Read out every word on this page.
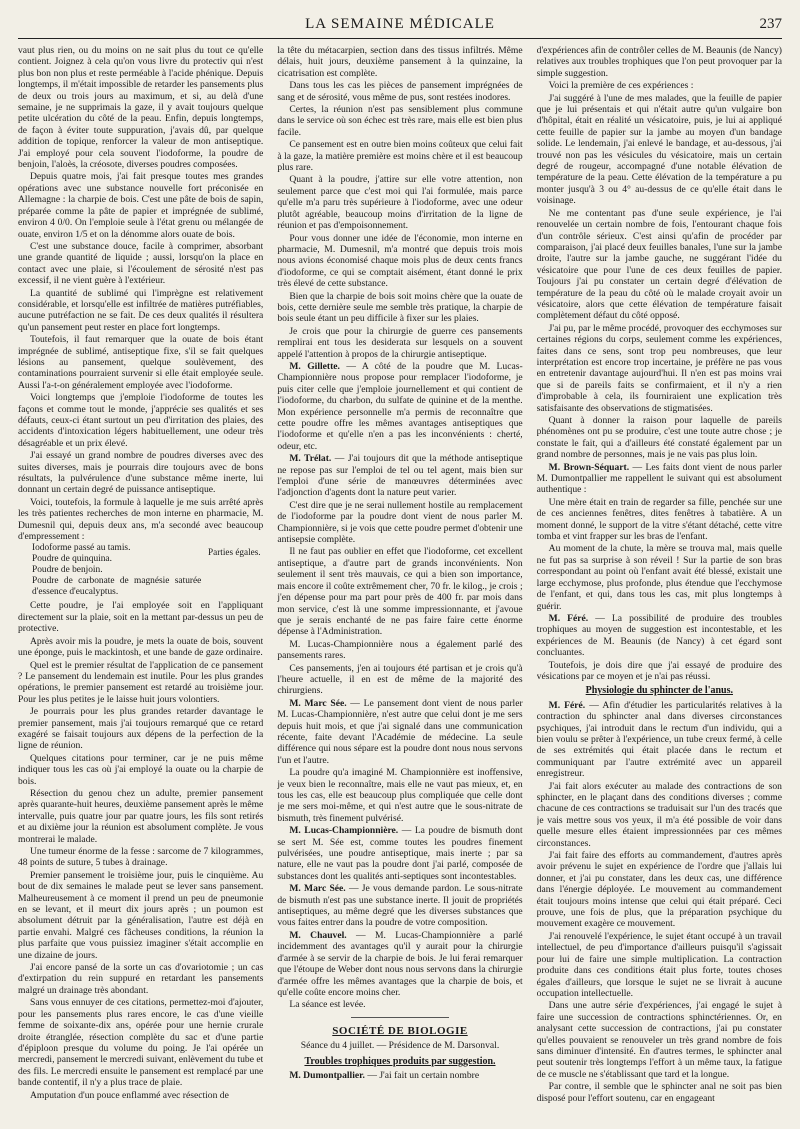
LA SEMAINE MÉDICALE	237

vaut plus rien, ou du moins on ne sait plus du tout ce qu'elle contient. Joignez à cela qu'on vous livre du protectiv qui n'est plus bon non plus et reste perméable à l'acide phénique. Depuis longtemps, il m'était impossible de retarder les pansements plus de deux ou trois jours au maximum, et si, au delà d'une semaine, je ne supprimais la gaze, il y avait toujours quelque petite ulcération du côté de la peau. Enfin, depuis longtemps, de façon à éviter toute suppuration, j'avais dû, par quelque addition de topique, renforcer la valeur de mon antiseptique. J'ai employé pour cela souvent l'iodoforme, la poudre de benjoin, l'aloès, la créosote, diverses poudres composées.

Depuis quatre mois, j'ai fait presque toutes mes grandes opérations avec une substance nouvelle fort préconisée en Allemagne : la charpie de bois. C'est une pâte de bois de sapin, préparée comme la pâte de papier et imprégnée de sublimé, environ 4 0/0. On l'emploie seule à l'état grenu ou mélangée de ouate, environ 1/5 et on la dénomme alors ouate de bois.

C'est une substance douce, facile à comprimer, absorbant une grande quantité de liquide ; aussi, lorsqu'on la place en contact avec une plaie, si l'écoulement de sérosité n'est pas excessif, il ne vient guère à l'extérieur.

La quantité de sublimé qui l'imprègne est relativement considérable, et lorsqu'elle est infiltrée de matières putréfiables, aucune putréfaction ne se fait. De ces deux qualités il résultera qu'un pansement peut rester en place fort longtemps.

Toutefois, il faut remarquer que la ouate de bois étant imprégnée de sublimé, antiseptique fixe, s'il se fait quelques lésions au pansement, quelque soulèvement, des contaminations pourraient survenir si elle était employée seule. Aussi l'a-t-on généralement employée avec l'iodoforme.

Voici longtemps que j'emploie l'iodoforme de toutes les façons et comme tout le monde, j'apprécie ses qualités et ses défauts, ceux-ci étant surtout un peu d'irritation des plaies, des accidents d'intoxication légers habituellement, une odeur très désagréable et un prix élevé.

J'ai essayé un grand nombre de poudres diverses avec des suites diverses, mais je pourrais dire toujours avec de bons résultats, la pulvérulence d'une substance même inerte, lui donnant un certain degré de puissance antiseptique.

Voici, toutefois, la formule à laquelle je me suis arrêté après les très patientes recherches de mon interne en pharmacie, M. Dumesnil qui, depuis deux ans, m'a secondé avec beaucoup d'empressement :

Iodoforme passé au tamis.
Poudre de quinquina.
Poudre de benjoin.
Poudre de carbonate de magnésie saturée d'essence d'eucalyptus.
Parties égales.

Cette poudre, je l'ai employée soit en l'appliquant directement sur la plaie, soit en la mettant par-dessus un peu de protective.

Après avoir mis la poudre, je mets la ouate de bois, souvent une éponge, puis le mackintosh, et une bande de gaze ordinaire.

Quel est le premier résultat de l'application de ce pansement ? Le pansement du lendemain est inutile. Pour les plus grandes opérations, le premier pansement est retardé au troisième jour. Pour les plus petites je le laisse huit jours volontiers.

Je pourrais pour les plus grandes retarder davantage le premier pansement, mais j'ai toujours remarqué que ce retard exagéré se faisait toujours aux dépens de la perfection de la ligne de réunion.

Quelques citations pour terminer, car je ne puis même indiquer tous les cas où j'ai employé la ouate ou la charpie de bois.

Résection du genou chez un adulte, premier pansement après quarante-huit heures, deuxième pansement après le même intervalle, puis quatre jour par quatre jours, les fils sont retirés et au dixième jour la réunion est absolument complète. Je vous montrerai le malade.

Une tumeur énorme de la fesse : sarcome de 7 kilogrammes, 48 points de suture, 5 tubes à drainage.

Premier pansement le troisième jour, puis le cinquième. Au bout de dix semaines le malade peut se lever sans pansement. Malheureusement à ce moment il prend un peu de pneumonie en se levant, et il meurt dix jours après ; un poumon est absolument détruit par la généralisation, l'autre est déjà en partie envahi. Malgré ces fâcheuses conditions, la réunion la plus parfaite que vous puissiez imaginer s'était accomplie en une dizaine de jours.

J'ai encore pansé de la sorte un cas d'ovariotomie ; un cas d'extirpation du rein suppuré en retardant les pansements malgré un drainage très abondant.

Sans vous ennuyer de ces citations, permettez-moi d'ajouter, pour les pansements plus rares encore, le cas d'une vieille femme de soixante-dix ans, opérée pour une hernie crurale droite étranglée, résection complète du sac et d'une partie d'épiploon presque du volume du poing. Je l'ai opérée un mercredi, pansement le mercredi suivant, enlèvement du tube et des fils. Le mercredi ensuite le pansement est remplacé par une bande contentif, il n'y a plus trace de plaie.

Amputation d'un pouce enflammé avec résection de

la tête du métacarpien, section dans des tissus infiltrés. Même délais, huit jours, deuxième pansement à la quinzaine, la cicatrisation est complète.

Dans tous les cas les pièces de pansement imprégnées de sang et de sérosité, vous même de pus, sont restées inodores.

Certes, la réunion n'est pas sensiblement plus commune dans le service où son échec est très rare, mais elle est bien plus facile.

Ce pansement est en outre bien moins coûteux que celui fait à la gaze, la matière première est moins chère et il est beaucoup plus rare.

Quant à la poudre, j'attire sur elle votre attention, non seulement parce que c'est moi qui l'ai formulée, mais parce qu'elle m'a paru très supérieure à l'iodoforme, avec une odeur plutôt agréable, beaucoup moins d'irritation de la ligne de réunion et pas d'empoisonnement.

Pour vous donner une idée de l'économie, mon interne en pharmacie, M. Dumesnil, m'a montré que depuis trois mois nous avions économisé chaque mois plus de deux cents francs d'iodoforme, ce qui se comptait aisément, étant donné le prix très élevé de cette substance.

Bien que la charpie de bois soit moins chère que la ouate de bois, cette dernière seule me semble très pratique, la charpie de bois seule étant un peu difficile à fixer sur les plaies.

Je crois que pour la chirurgie de guerre ces pansements remplirai ent tous les desiderata sur lesquels on a souvent appelé l'attention à propos de la chirurgie antiseptique.

M. Gillette. — A côté de la poudre que M. Lucas-Championnière nous propose pour remplacer l'iodoforme, je puis citer celle que j'emploie journellement et qui contient de l'iodoforme, du charbon, du sulfate de quinine et de la menthe. Mon expérience personnelle m'a permis de reconnaître que cette poudre offre les mêmes avantages antiseptiques que l'iodoforme et qu'elle n'en a pas les inconvénients : cherté, odeur, etc.

M. Trélat. — J'ai toujours dit que la méthode antiseptique ne repose pas sur l'emploi de tel ou tel agent, mais bien sur l'emploi d'une série de manœuvres déterminées avec l'adjonction d'agents dont la nature peut varier.

C'est dire que je ne serai nullement hostile au remplacement de l'iodoforme par la poudre dont vient de nous parler M. Championnière, si je vois que cette poudre permet d'obtenir une antisepsie complète.

Il ne faut pas oublier en effet que l'iodoforme, cet excellent antiseptique, a d'autre part de grands inconvénients. Non seulement il sent très mauvais, ce qui a bien son importance, mais encore il coûte extrêmement cher, 70 fr. le kilog., je crois ; j'en dépense pour ma part pour près de 400 fr. par mois dans mon service, c'est là une somme impressionnante, et j'avoue que je serais enchanté de ne pas faire faire cette énorme dépense à l'Administration.

M. Lucas-Championnière nous a également parlé des pansements rares.

Ces pansements, j'en ai toujours été partisan et je crois qu'à l'heure actuelle, il en est de même de la majorité des chirurgiens.

M. Marc Sée. — Le pansement dont vient de nous parler M. Lucas-Championnière, n'est autre que celui dont je me sers depuis huit mois, et que j'ai signalé dans une communication récente, faite devant l'Académie de médecine. La seule différence qui nous sépare est la poudre dont nous nous servons l'un et l'autre.

La poudre qu'a imaginé M. Championnière est inoffensive, je veux bien le reconnaître, mais elle ne vaut pas mieux, et, en tous les cas, elle est beaucoup plus compliquée que celle dont je me sers moi-même, et qui n'est autre que le sous-nitrate de bismuth, très finement pulvérisé.

M. Lucas-Championnière. — La poudre de bismuth dont se sert M. Sée est, comme toutes les poudres finement pulvérisées, une poudre antiseptique, mais inerte ; par sa nature, elle ne vaut pas la poudre dont j'ai parlé, composée de substances dont les qualités anti-septiques sont incontestables.

M. Marc Sée. — Je vous demande pardon. Le sous-nitrate de bismuth n'est pas une substance inerte. Il jouit de propriétés antiseptiques, au même degré que les diverses substances que vous faites entrer dans la poudre de votre composition.

M. Chauvel. — M. Lucas-Championnière a parlé incidemment des avantages qu'il y aurait pour la chirurgie d'armée à se servir de la charpie de bois. Je lui ferai remarquer que l'étoupe de Weber dont nous nous servons dans la chirurgie d'armée offre les mêmes avantages que la charpie de bois, et qu'elle coûte encore moins cher.

La séance est levée.

SOCIÉTÉ DE BIOLOGIE
Séance du 4 juillet. — Présidence de M. Darsonval.
Troubles trophiques produits par suggestion.

M. Dumontpallier. — J'ai fait un certain nombre

d'expériences afin de contrôler celles de M. Beaunis (de Nancy) relatives aux troubles trophiques que l'on peut provoquer par la simple suggestion.

Voici la première de ces expériences :

J'ai suggéré à l'une de mes malades, que la feuille de papier que je lui présentais et qui n'était autre qu'un vulgaire bon d'hôpital, était en réalité un vésicatoire, puis, je lui ai appliqué cette feuille de papier sur la jambe au moyen d'un bandage solide. Le lendemain, j'ai enlevé le bandage, et au-dessous, j'ai trouvé non pas les vésicules du vésicatoire, mais un certain degré de rougeur, accompagné d'une notable élévation de température de la peau. Cette élévation de la température a pu monter jusqu'à 3 ou 4° au-dessus de ce qu'elle était dans le voisinage.

Ne me contentant pas d'une seule expérience, je l'ai renouvelée un certain nombre de fois, l'entourant chaque fois d'un contrôle sérieux. C'est ainsi qu'afin de procéder par comparaison, j'ai placé deux feuilles banales, l'une sur la jambe droite, l'autre sur la jambe gauche, ne suggérant l'idée du vésicatoire que pour l'une de ces deux feuilles de papier. Toujours j'ai pu constater un certain degré d'élévation de température de la peau du côté où le malade croyait avoir un vésicatoire, alors que cette élévation de température faisait complètement défaut du côté opposé.

J'ai pu, par le même procédé, provoquer des ecchymoses sur certaines régions du corps, seulement comme les expériences, faites dans ce sens, sont trop peu nombreuses, que leur interprétation est encore trop incertaine, je préfère ne pas vous en entretenir davantage aujourd'hui. Il n'en est pas moins vrai que si de pareils faits se confirmaient, et il n'y a rien d'improbable à cela, ils fourniraient une explication très satisfaisante des observations de stigmatisées.

Quant à donner la raison pour laquelle de pareils phénomènes ont pu se produire, c'est une toute autre chose ; je constate le fait, qui a d'ailleurs été constaté également par un grand nombre de personnes, mais je ne vais pas plus loin.

M. Brown-Séquart. — Les faits dont vient de nous parler M. Dumontpallier me rappellent le suivant qui est absolument authentique :

Une mère était en train de regarder sa fille, penchée sur une de ces anciennes fenêtres, dites fenêtres à tabatière. A un moment donné, le support de la vitre s'étant détaché, cette vitre tomba et vint frapper sur les bras de l'enfant.

Au moment de la chute, la mère se trouva mal, mais quelle ne fut pas sa surprise à son réveil ! Sur la partie de son bras correspondant au point où l'enfant avait été blessé, existait une large ecchymose, plus profonde, plus étendue que l'ecchymose de l'enfant, et qui, dans tous les cas, mit plus longtemps à guérir.

M. Féré. — La possibilité de produire des troubles trophiques au moyen de suggestion est incontestable, et les expériences de M. Beaunis (de Nancy) à cet égard sont concluantes.

Toutefois, je dois dire que j'ai essayé de produire des vésications par ce moyen et je n'ai pas réussi.

Physiologie du sphincter de l'anus.

M. Féré. — Afin d'étudier les particularités relatives à la contraction du sphincter anal dans diverses circonstances psychiques, j'ai introduit dans le rectum d'un individu, qui a bien voulu se prêter à l'expérience, un tube creux fermé, à celle de ses extrémités qui était placée dans le rectum et communiquant par l'autre extrémité avec un appareil enregistreur.

J'ai fait alors exécuter au malade des contractions de son sphincter, en le plaçant dans des conditions diverses ; comme chacune de ces contractions se traduisait sur l'un des tracés que je vais mettre sous vos yeux, il m'a été possible de voir dans quelle mesure elles étaient impressionnées par ces mêmes circonstances.

J'ai fait faire des efforts au commandement, d'autres après avoir prévenu le sujet en expérience de l'ordre que j'allais lui donner, et j'ai pu constater, dans les deux cas, une différence dans l'énergie déployée. Le mouvement au commandement était toujours moins intense que celui qui était préparé. Ceci prouve, une fois de plus, que la préparation psychique du mouvement exagère ce mouvement.

J'ai renouvelé l'expérience, le sujet étant occupé à un travail intellectuel, de peu d'importance d'ailleurs puisqu'il s'agissait pour lui de faire une simple multiplication. La contraction produite dans ces conditions était plus forte, toutes choses égales d'ailleurs, que lorsque le sujet ne se livrait à aucune occupation intellectuelle.

Dans une autre série d'expériences, j'ai engagé le sujet à faire une succession de contractions sphinctériennes. Or, en analysant cette succession de contractions, j'ai pu constater qu'elles pouvaient se renouveler un très grand nombre de fois sans diminuer d'intensité. En d'autres termes, le sphincter anal peut soutenir très longtemps l'effort à un même taux, la fatigue de ce muscle ne s'établissant que tard et la longue.

Par contre, il semble que le sphincter anal ne soit pas bien disposé pour l'effort soutenu, car en engageant
